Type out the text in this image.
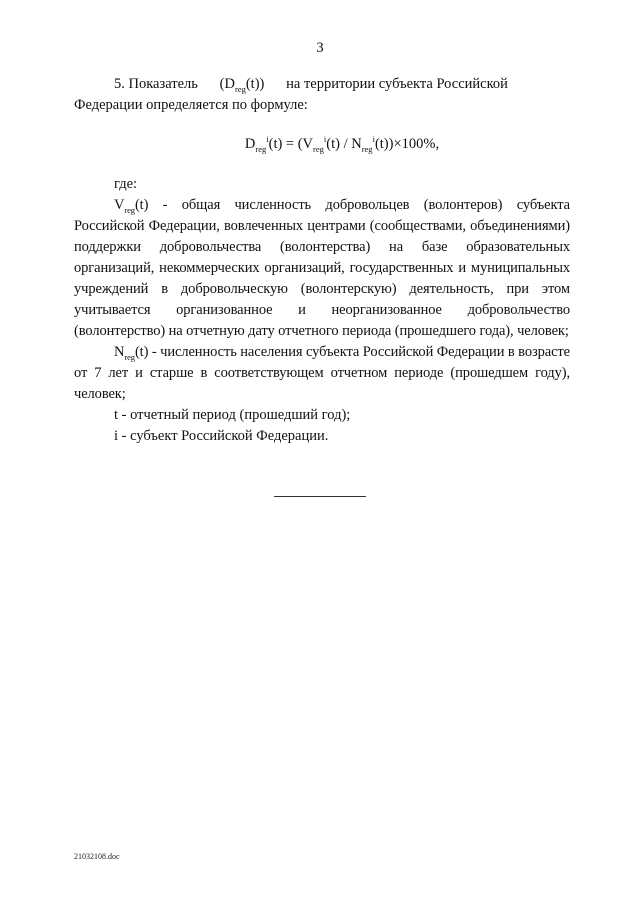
3

5. Показатель      $(D_{reg}(t))$      на территории субъекта Российской

Федерации определяется по формуле:

$D_{reg}^i(t) = (V_{reg}^i(t) / N_{reg}^i(t))\times 100\%$,

где:

$V_{reg}(t)$ - общая численность добровольцев (волонтеров) субъекта Российской Федерации, вовлеченных центрами (сообществами, объединениями) поддержки добровольчества (волонтерства) на базе образовательных организаций, некоммерческих организаций, государственных и муниципальных учреждений в добровольческую (волонтерскую) деятельность, при этом учитывается организованное и неорганизованное добровольчество (волонтерство) на отчетную дату отчетного периода (прошедшего года), человек;

$N_{reg}(t)$ - численность населения субъекта Российской Федерации в возрасте от 7 лет и старше в соответствующем отчетном периоде (прошедшем году), человек;

t - отчетный период (прошедший год);

i - субъект Российской Федерации.

21032108.doc
